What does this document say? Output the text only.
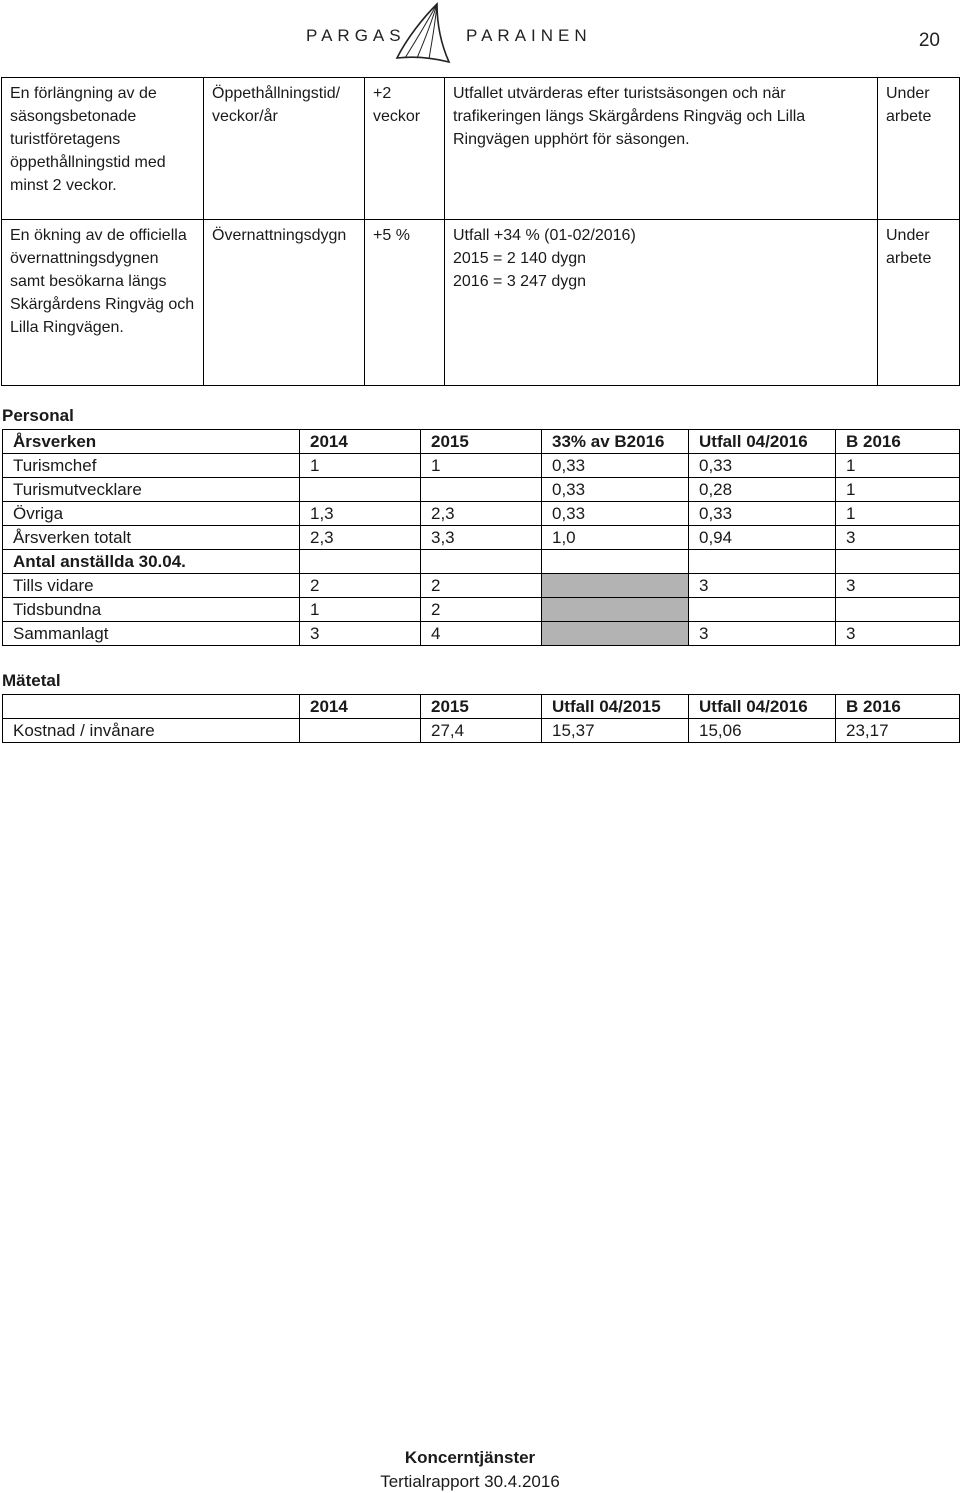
PARGAS	PARAINEN	20
En förlängning av de säsongsbetonade turistföretagens öppethållningstid med minst 2 veckor.	Öppethållningstid/ veckor/år	+2 veckor	Utfallet utvärderas efter turistsäsongen och när trafikeringen längs Skärgårdens Ringväg och Lilla Ringvägen upphört för säsongen.	Under arbete
En ökning av de officiella övernattningsdygnen samt besökarna längs Skärgårdens Ringväg och Lilla Ringvägen.	Övernattningsdygn	+5 %	Utfall +34 % (01-02/2016)
2015 = 2 140 dygn
2016 = 3 247 dygn	Under arbete
Personal
Årsverken	2014	2015	33% av B2016	Utfall 04/2016	B 2016
Turismchef	1	1	0,33	0,33	1
Turismutvecklare			0,33	0,28	1
Övriga	1,3	2,3	0,33	0,33	1
Årsverken totalt	2,3	3,3	1,0	0,94	3
Antal anställda 30.04.					
Tills vidare	2	2		3	3
Tidsbundna	1	2			
Sammanlagt	3	4		3	3
Mätetal
	2014	2015	Utfall 04/2015	Utfall 04/2016	B 2016
Kostnad / invånare		27,4	15,37	15,06	23,17
Koncerntjänster
Tertialrapport 30.4.2016
